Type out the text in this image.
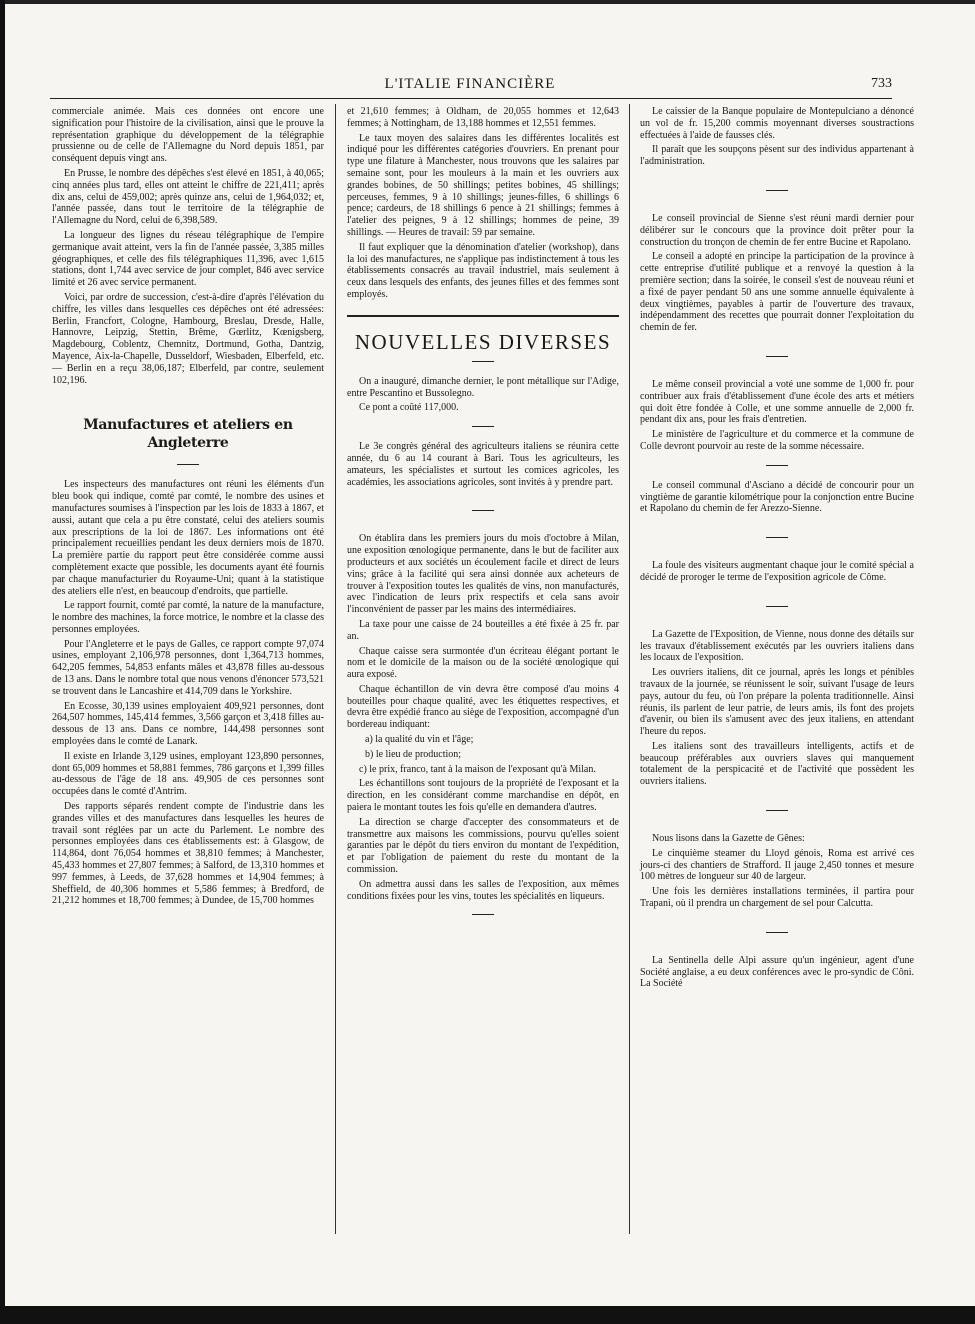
L'ITALIE FINANCIÈRE	733

commerciale animée. Mais ces données ont encore une signification pour l'histoire de la civilisation, ainsi que le prouve la représentation graphique du développement de la télégraphie prussienne ou de celle de l'Allemagne du Nord depuis 1851, par conséquent depuis vingt ans.

En Prusse, le nombre des dépêches s'est élevé en 1851, à 40,065; cinq années plus tard, elles ont atteint le chiffre de 221,411; après dix ans, celui de 459,002; après quinze ans, celui de 1,964,032; et, l'année passée, dans tout le territoire de la télégraphie de l'Allemagne du Nord, celui de 6,398,589.

La longueur des lignes du réseau télégraphique de l'empire germanique avait atteint, vers la fin de l'année passée, 3,385 milles géographiques, et celle des fils télégraphiques 11,396, avec 1,615 stations, dont 1,744 avec service de jour complet, 846 avec service limité et 26 avec service permanent.

Voici, par ordre de succession, c'est-à-dire d'après l'élévation du chiffre, les villes dans lesquelles ces dépêches ont été adressées: Berlin, Francfort, Cologne, Hambourg, Breslau, Dresde, Halle, Hannovre, Leipzig, Stettin, Brême, Gœrlitz, Kœnigsberg, Magdebourg, Coblentz, Chemnitz, Dortmund, Gotha, Dantzig, Mayence, Aix-la-Chapelle, Dusseldorf, Wiesbaden, Elberfeld, etc. — Berlin en a reçu 38,06,187; Elberfeld, par contre, seulement 102,196.

Manufactures et ateliers en Angleterre

Les inspecteurs des manufactures ont réuni les éléments d'un bleu book qui indique, comté par comté, le nombre des usines et manufactures soumises à l'inspection par les lois de 1833 à 1867, et aussi, autant que cela a pu être constaté, celui des ateliers soumis aux prescriptions de la loi de 1867. Les informations ont été principalement recueillies pendant les deux derniers mois de 1870. La première partie du rapport peut être considérée comme aussi complètement exacte que possible, les documents ayant été fournis par chaque manufacturier du Royaume-Uni; quant à la statistique des ateliers elle n'est, en beaucoup d'endroits, que partielle.

Le rapport fournit, comté par comté, la nature de la manufacture, le nombre des machines, la force motrice, le nombre et la classe des personnes employées.

Pour l'Angleterre et le pays de Galles, ce rapport compte 97,074 usines, employant 2,106,978 personnes, dont 1,364,713 hommes, 642,205 femmes, 54,853 enfants mâles et 43,878 filles au-dessous de 13 ans. Dans le nombre total que nous venons d'énoncer 573,521 se trouvent dans le Lancashire et 414,709 dans le Yorkshire.

En Ecosse, 30,139 usines employaient 409,921 personnes, dont 264,507 hommes, 145,414 femmes, 3,566 garçon et 3,418 filles au-dessous de 13 ans. Dans ce nombre, 144,498 personnes sont employées dans le comté de Lanark.

Il existe en Irlande 3,129 usines, employant 123,890 personnes, dont 65,009 hommes et 58,881 femmes, 786 garçons et 1,399 filles au-dessous de l'âge de 18 ans. 49,905 de ces personnes sont occupées dans le comté d'Antrim.

Des rapports séparés rendent compte de l'industrie dans les grandes villes et des manufactures dans lesquelles les heures de travail sont réglées par un acte du Parlement. Le nombre des personnes employées dans ces établissements est: à Glasgow, de 114,864, dont 76,054 hommes et 38,810 femmes; à Manchester, 45,433 hommes et 27,807 femmes; à Salford, de 13,310 hommes et 997 femmes, à Leeds, de 37,628 hommes et 14,904 femmes; à Sheffield, de 40,306 hommes et 5,586 femmes; à Bredford, de 21,212 hommes et 18,700 femmes; à Dundee, de 15,700 hommes

et 21,610 femmes; à Oldham, de 20,055 hommes et 12,643 femmes; à Nottingham, de 13,188 hommes et 12,551 femmes.

Le taux moyen des salaires dans les différentes localités est indiqué pour les différentes catégories d'ouvriers. En prenant pour type une filature à Manchester, nous trouvons que les salaires par semaine sont, pour les mouleurs à la main et les ouvriers aux grandes bobines, de 50 shillings; petites bobines, 45 shillings; perceuses, femmes, 9 à 10 shillings; jeunes-filles, 6 shillings 6 pence; cardeurs, de 18 shillings 6 pence à 21 shillings; femmes à l'atelier des peignes, 9 à 12 shillings; hommes de peine, 39 shillings. — Heures de travail: 59 par semaine.

Il faut expliquer que la dénomination d'atelier (workshop), dans la loi des manufactures, ne s'applique pas indistinctement à tous les établissements consacrés au travail industriel, mais seulement à ceux dans lesquels des enfants, des jeunes filles et des femmes sont employés.

NOUVELLES DIVERSES

On a inauguré, dimanche dernier, le pont métallique sur l'Adige, entre Pescantino et Bussolegno.

Ce pont a coûté 117,000.

Le 3e congrès général des agriculteurs italiens se réunira cette année, du 6 au 14 courant à Bari. Tous les agriculteurs, les amateurs, les spécialistes et surtout les comices agricoles, les académies, les associations agricoles, sont invités à y prendre part.

On établira dans les premiers jours du mois d'octobre à Milan, une exposition œnologique permanente, dans le but de faciliter aux producteurs et aux sociétés un écoulement facile et direct de leurs vins; grâce à la facilité qui sera ainsi donnée aux acheteurs de trouver à l'exposition toutes les qualités de vins, non manufacturés, avec l'indication de leurs prix respectifs et cela sans avoir l'inconvénient de passer par les mains des intermédiaires.

La taxe pour une caisse de 24 bouteilles a été fixée à 25 fr. par an.

Chaque caisse sera surmontée d'un écriteau élégant portant le nom et le domicile de la maison ou de la société œnologique qui aura exposé.

Chaque échantillon de vin devra être composé d'au moins 4 bouteilles pour chaque qualité, avec les étiquettes respectives, et devra être expédié franco au siège de l'exposition, accompagné d'un bordereau indiquant:

a) la qualité du vin et l'âge;

b) le lieu de production;

c) le prix, franco, tant à la maison de l'exposant qu'à Milan.

Les échantillons sont toujours de la propriété de l'exposant et la direction, en les considérant comme marchandise en dépôt, en paiera le montant toutes les fois qu'elle en demandera d'autres.

La direction se charge d'accepter des consommateurs et de transmettre aux maisons les commissions, pourvu qu'elles soient garanties par le dépôt du tiers environ du montant de l'expédition, et par l'obligation de paiement du reste du montant de la commission.

On admettra aussi dans les salles de l'exposition, aux mêmes conditions fixées pour les vins, toutes les spécialités en liqueurs.

Le caissier de la Banque populaire de Montepulciano a dénoncé un vol de fr. 15,200 commis moyennant diverses soustractions effectuées à l'aide de fausses clés.

Il paraît que les soupçons pèsent sur des individus appartenant à l'administration.

Le conseil provincial de Sienne s'est réuni mardi dernier pour délibérer sur le concours que la province doit prêter pour la construction du tronçon de chemin de fer entre Bucine et Rapolano.

Le conseil a adopté en principe la participation de la province à cette entreprise d'utilité publique et a renvoyé la question à la première section; dans la soirée, le conseil s'est de nouveau réuni et a fixé de payer pendant 50 ans une somme annuelle équivalente à deux vingtièmes, payables à partir de l'ouverture des travaux, indépendamment des recettes que pourrait donner l'exploitation du chemin de fer.

Le même conseil provincial a voté une somme de 1,000 fr. pour contribuer aux frais d'établissement d'une école des arts et métiers qui doit être fondée à Colle, et une somme annuelle de 2,000 fr. pendant dix ans, pour les frais d'entretien.

Le ministère de l'agriculture et du commerce et la commune de Colle devront pourvoir au reste de la somme nécessaire.

Le conseil communal d'Asciano a décidé de concourir pour un vingtième de garantie kilométrique pour la conjonction entre Bucine et Rapolano du chemin de fer Arezzo-Sienne.

La foule des visiteurs augmentant chaque jour le comité spécial a décidé de proroger le terme de l'exposition agricole de Côme.

La Gazette de l'Exposition, de Vienne, nous donne des détails sur les travaux d'établissement exécutés par les ouvriers italiens dans les locaux de l'exposition.

Les ouvriers italiens, dit ce journal, après les longs et pénibles travaux de la journée, se réunissent le soir, suivant l'usage de leurs pays, autour du feu, où l'on prépare la polenta traditionnelle. Ainsi réunis, ils parlent de leur patrie, de leurs amis, ils font des projets d'avenir, ou bien ils s'amusent avec des jeux italiens, en attendant l'heure du repos.

Les italiens sont des travailleurs intelligents, actifs et de beaucoup préférables aux ouvriers slaves qui manquement totalement de la perspicacité et de l'activité que possèdent les ouvriers italiens.

Nous lisons dans la Gazette de Gênes:

Le cinquième steamer du Lloyd génois, Roma est arrivé ces jours-ci des chantiers de Strafford. Il jauge 2,450 tonnes et mesure 100 mètres de longueur sur 40 de largeur.

Une fois les dernières installations terminées, il partira pour Trapani, où il prendra un chargement de sel pour Calcutta.

La Sentinella delle Alpi assure qu'un ingénieur, agent d'une Société anglaise, a eu deux conférences avec le pro-syndic de Côni. La Société
